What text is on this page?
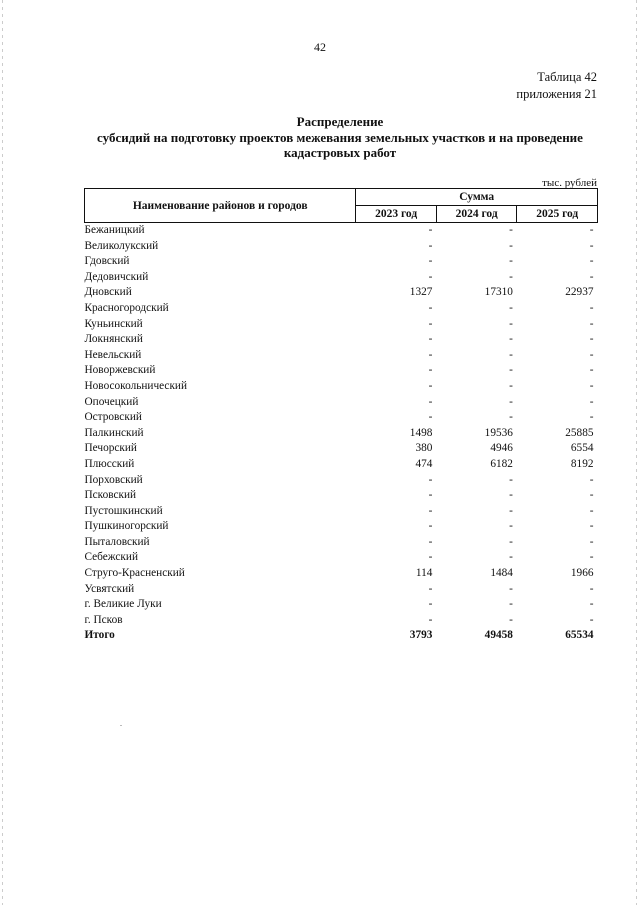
42
Таблица 42
приложения 21
Распределение
субсидий на подготовку проектов межевания земельных участков и на проведение
кадастровых работ
тыс. рублей
Наименование районов и городов	Сумма		
	2023 год	2024 год	2025 год
Бежаницкий	-	-	-
Великолукский	-	-	-
Гдовский	-	-	-
Дедовичский	-	-	-
Дновский	1327	17310	22937
Красногородский	-	-	-
Куньинский	-	-	-
Локнянский	-	-	-
Невельский	-	-	-
Новоржевский	-	-	-
Новосокольнический	-	-	-
Опочецкий	-	-	-
Островский	-	-	-
Палкинский	1498	19536	25885
Печорский	380	4946	6554
Плюсский	474	6182	8192
Порховский	-	-	-
Псковский	-	-	-
Пустошкинский	-	-	-
Пушкиногорский	-	-	-
Пыталовский	-	-	-
Себежский	-	-	-
Струго-Красненский	114	1484	1966
Усвятский	-	-	-
г. Великие Луки	-	-	-
г. Псков	-	-	-
Итого	3793	49458	65534
